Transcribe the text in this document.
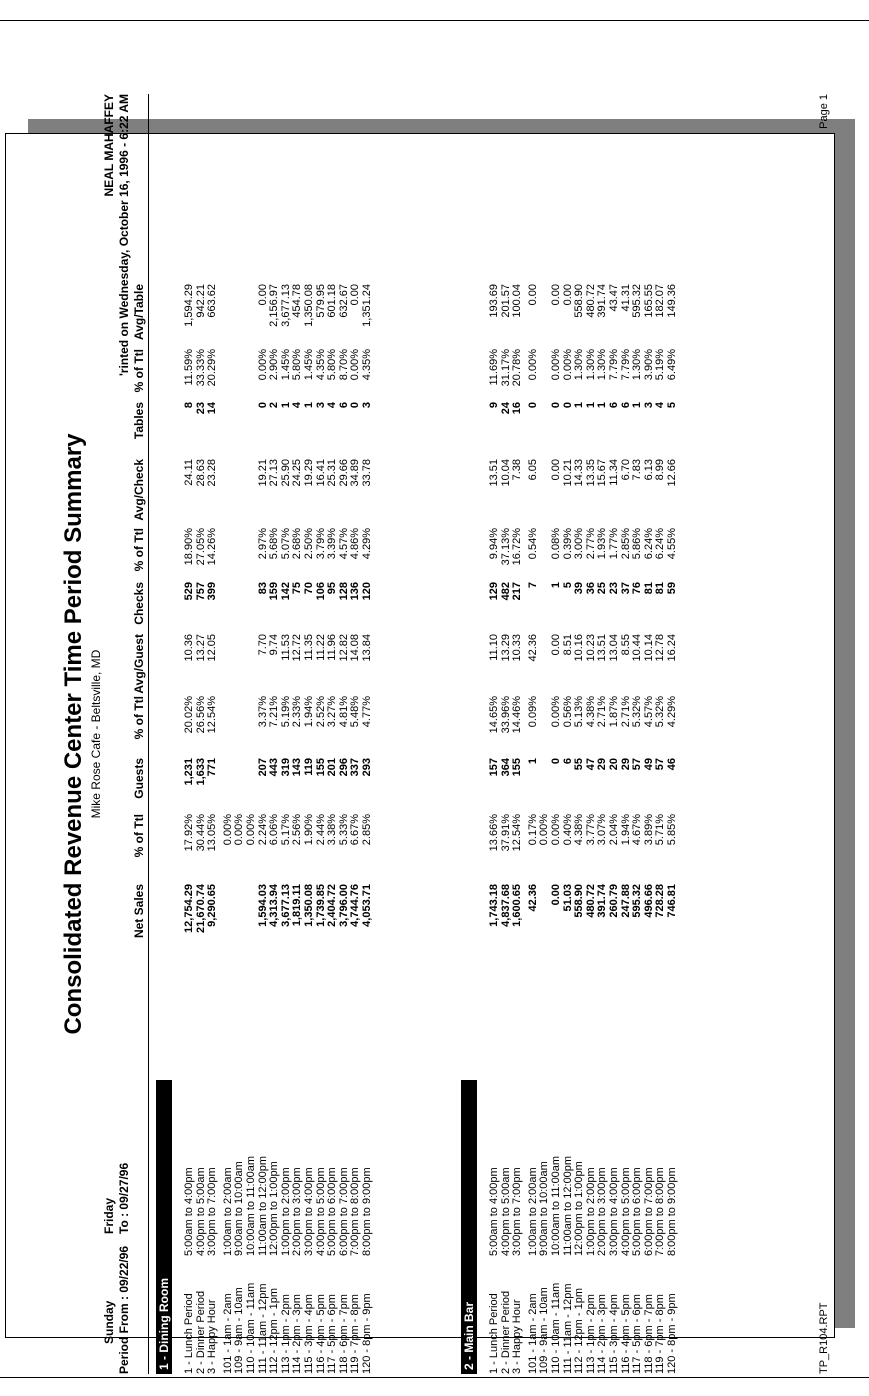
Consolidated Revenue Center Time Period Summary Mike Rose Cafe - Beltsville, MD
Sunday
Friday
Period From : 09/22/96
To : 09/27/96
NEAL MAHAFFEY 'rinted on Wednesday, October 16, 1996 - 6:22 AM
Net Sales
% of Ttl
Guests
% of Ttl
Avg/Guest
Checks
% of Ttl
Avg/Check
Tables
% of Ttl
Avg/Table
1 - Dining Room 1 - Lunch Period
5:00am to 4:00pm
12,754.29
17.92%
1,231
20.02%
10.36
529
18.90%
24.11
8
11.59%
1,594.29
2 - Dinner Period
4:00pm to 5:00am
21,670.74
30.44%
1,633
26.56%
13.27
757
27.05%
28.63
23
33.33%
942.21
3 - Happy Hour
3:00pm to 7:00pm
9,290.65
13.05%
771
12.54%
12.05
399
14.26%
23.28
14
20.29%
663.62
101 - 1am - 2am
1:00am to 2:00am
0.00%
109 - 9am - 10am
9:00am to 10:00am
0.00%
110 - 10am - 11am
10:00am to 11:00am
0.00%
111 - 11am - 12pm
11:00am to 12:00pm
1,594.03
2.24%
207
3.37%
7.70
83
2.97%
19.21
0
0.00%
0.00
112 - 12pm - 1pm
12:00pm to 1:00pm
4,313.94
6.06%
443
7.21%
9.74
159
5.68%
27.13
2
2.90%
2,156.97
113 - 1pm - 2pm
1:00pm to 2:00pm
3,677.13
5.17%
319
5.19%
11.53
142
5.07%
25.90
1
1.45%
3,677.13
114 - 2pm - 3pm
2:00pm to 3:00pm
1,819.11
2.56%
143
2.33%
12.72
75
2.68%
24.25
4
5.80%
454.78
115 - 3pm - 4pm
3:00pm to 4:00pm
1,350.08
1.90%
119
1.94%
11.35
70
2.50%
19.29
1
1.45%
1,350.08
116 - 4pm - 5pm
4:00pm to 5:00pm
1,739.85
2.44%
155
2.52%
11.22
106
3.79%
16.41
3
4.35%
579.95
117 - 5pm - 6pm
5:00pm to 6:00pm
2,404.72
3.38%
201
3.27%
11.96
95
3.39%
25.31
4
5.80%
601.18
118 - 6pm - 7pm
6:00pm to 7:00pm
3,796.00
5.33%
296
4.81%
12.82
128
4.57%
29.66
6
8.70%
632.67
119 - 7pm - 8pm
7:00pm to 8:00pm
4,744.76
6.67%
337
5.48%
14.08
136
4.86%
34.89
0
0.00%
0.00
120 - 8pm - 9pm
8:00pm to 9:00pm
4,053.71
2.85%
293
4.77%
13.84
120
4.29%
33.78
3
4.35%
1,351.24
2 - Main Bar 1 - Lunch Period
5:00am to 4:00pm
1,743.18
13.66%
157
14.65%
11.10
129
9.94%
13.51
9
11.69%
193.69
2 - Dinner Period
4:00pm to 5:00am
4,837.68
37.91%
364
33.96%
13.29
482
37.13%
10.04
24
31.17%
201.57
3 - Happy Hour
3:00pm to 7:00pm
1,600.65
12.54%
155
14.46%
10.33
217
16.72%
7.38
16
20.78%
100.04
101 - 1am - 2am
1:00am to 2:00am
42.36
0.17%
1
0.09%
42.36
7
0.54%
6.05
0
0.00%
0.00
109 - 9am - 10am
9:00am to 10:00am
0.00%
110 - 10am - 11am
10:00am to 11:00am
0.00
0.00%
0
0.00%
0.00
1
0.08%
0.00
0
0.00%
0.00
111 - 11am - 12pm
11:00am to 12:00pm
51.03
0.40%
6
0.56%
8.51
5
0.39%
10.21
0
0.00%
0.00
112 - 12pm - 1pm
12:00pm to 1:00pm
558.90
4.38%
55
5.13%
10.16
39
3.00%
14.33
1
1.30%
558.90
113 - 1pm - 2pm
1:00pm to 2:00pm
480.72
3.77%
47
4.38%
10.23
36
2.77%
13.35
1
1.30%
480.72
114 - 2pm - 3pm
2:00pm to 3:00pm
391.74
3.07%
29
2.71%
13.51
25
1.93%
15.67
1
1.30%
391.74
115 - 3pm - 4pm
3:00pm to 4:00pm
260.79
2.04%
20
1.87%
13.04
23
1.77%
11.34
6
7.79%
43.47
116 - 4pm - 5pm
4:00pm to 5:00pm
247.88
1.94%
29
2.71%
8.55
37
2.85%
6.70
6
7.79%
41.31
117 - 5pm - 6pm
5:00pm to 6:00pm
595.32
4.67%
57
5.32%
10.44
76
5.86%
7.83
1
1.30%
595.32
118 - 6pm - 7pm
6:00pm to 7:00pm
496.66
3.89%
49
4.57%
10.14
81
6.24%
6.13
3
3.90%
165.55
119 - 7pm - 8pm
7:00pm to 8:00pm
728.28
5.71%
57
5.32%
12.78
81
6.24%
8.99
4
5.19%
182.07
120 - 8pm - 9pm
8:00pm to 9:00pm
746.81
5.85%
46
4.29%
16.24
59
4.55%
12.66
5
6.49%
149.36
TP_R104.RPT
Page 1
